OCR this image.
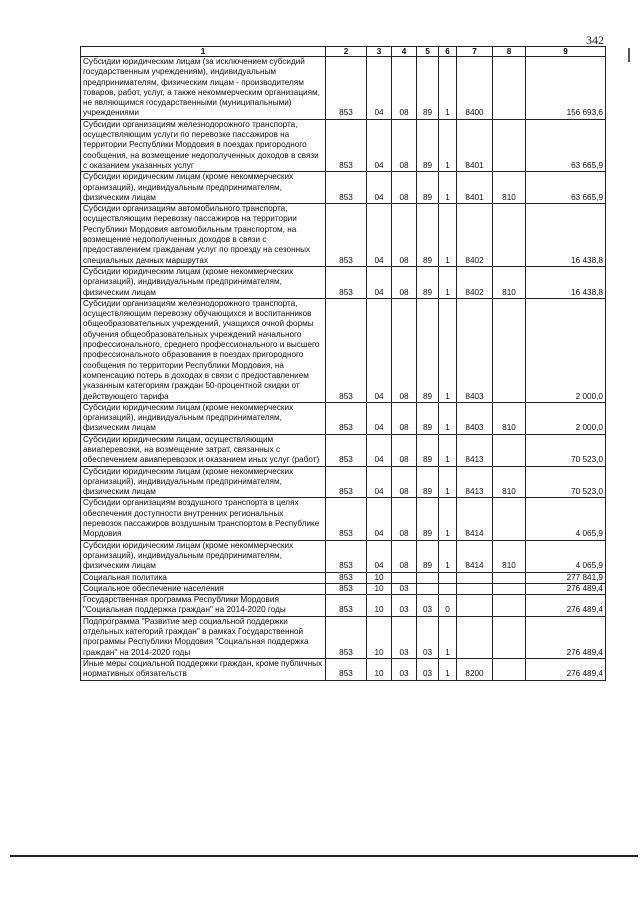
342
1	2	3	4	5	6	7	8	9
Субсидии юридическим лицам (за исключением субсидий государственным учреждениям), индивидуальным предпринимателям, физическим лицам - производителям товаров, работ, услуг, а также некоммерческим организациям, не являющимся государственными (муниципальными) учреждениями	853	04	08	89	1	8400		156 693,6
Субсидии организациям железнодорожного транспорта, осуществляющим услуги по перевозке пассажиров на территории Республики Мордовия в поездах пригородного сообщения, на возмещение недополученных доходов в связи с оказанием указанных услуг	853	04	08	89	1	8401		63 665,9
Субсидии юридическим лицам (кроме некоммерческих организаций), индивидуальным предпринимателям, физическим лицам	853	04	08	89	1	8401	810	63 665,9
Субсидии организациям автомобильного транспорта, осуществляющим перевозку пассажиров на территории Республики Мордовия автомобильным транспортом, на возмещение недополученных доходов в связи с предоставлением гражданам услуг по проезду на сезонных специальных дачных маршрутах	853	04	08	89	1	8402		16 438,8
Субсидии юридическим лицам (кроме некоммерческих организаций), индивидуальным предпринимателям, физическим лицам	853	04	08	89	1	8402	810	16 438,8
Субсидии организациям железнодорожного транспорта, осуществляющим перевозку обучающихся и воспитанников общеобразовательных учреждений, учащихся очной формы обучения общеобразовательных учреждений начального профессионального, среднего профессионального и высшего профессионального образования в поездах пригородного сообщения по территории Республики Мордовия, на компенсацию потерь в доходах в связи с предоставлением указанным категориям граждан 50-процентной скидки от действующего тарифа	853	04	08	89	1	8403		2 000,0
Субсидии юридическим лицам (кроме некоммерческих организаций), индивидуальным предпринимателям, физическим лицам	853	04	08	89	1	8403	810	2 000,0
Субсидии юридическим лицам, осуществляющим авиаперевозки, на возмещение затрат, связанных с обеспечением авиаперевозок и оказанием иных услуг (работ)	853	04	08	89	1	8413		70 523,0
Субсидии юридическим лицам (кроме некоммерческих организаций), индивидуальным предпринимателям, физическим лицам	853	04	08	89	1	8413	810	70 523,0
Субсидии организациям воздушного транспорта в целях обеспечения доступности внутренних региональных перевозок пассажиров воздушным транспортом в Республике Мордовия	853	04	08	89	1	8414		4 065,9
Субсидии юридическим лицам (кроме некоммерческих организаций), индивидуальным предпринимателям, физическим лицам	853	04	08	89	1	8414	810	4 065,9
Социальная политика	853	10						277 841,9
Социальное обеспечение населения	853	10	03					276 489,4
Государственная программа Республики Мордовия "Социальная поддержка граждан" на 2014-2020 годы	853	10	03	03	0			276 489,4
Подпрограмма "Развитие мер социальной поддержки отдельных категорий граждан" в рамках Государственной программы Республики Мордовия "Социальная поддержка граждан" на 2014-2020 годы	853	10	03	03	1			276 489,4
Иные меры социальной поддержки граждан, кроме публичных нормативных обязательств	853	10	03	03	1	8200		276 489,4
